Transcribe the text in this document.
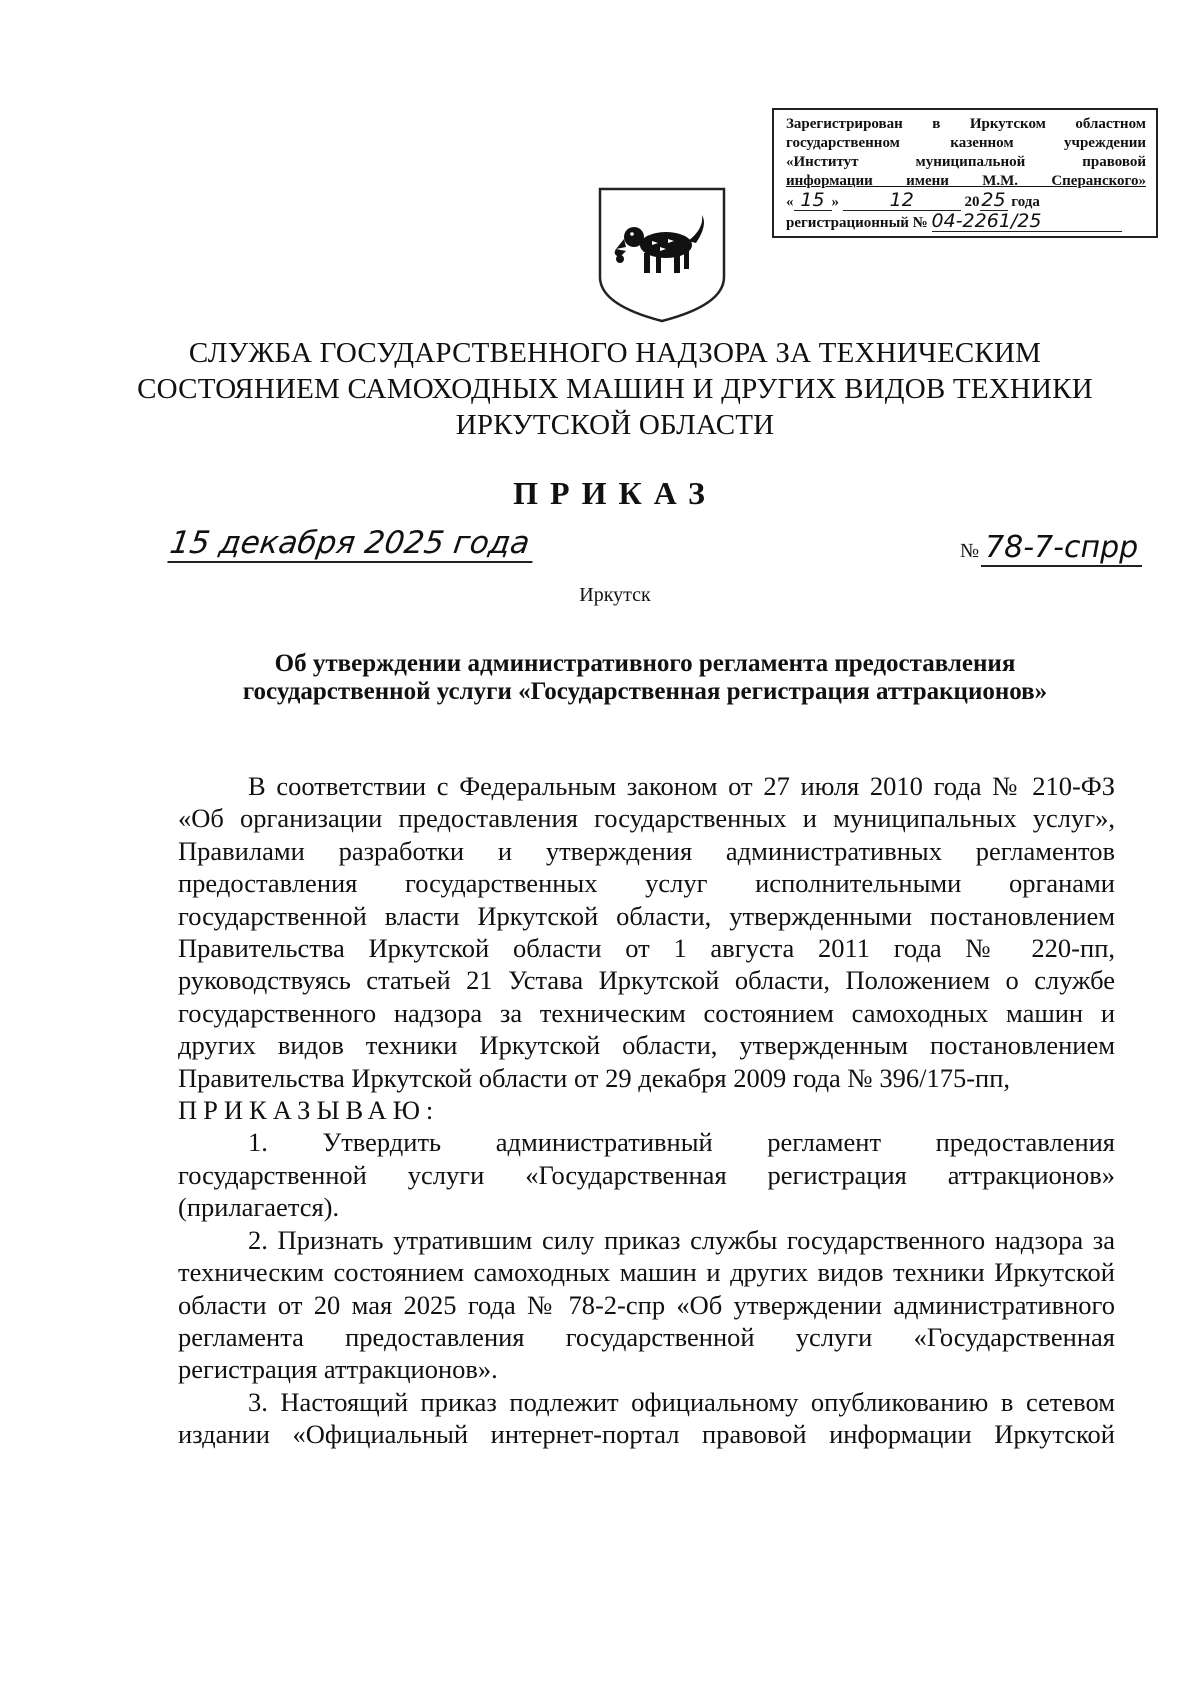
Зарегистрирован в Иркутском областном
государственном казенном учреждении
«Институт муниципальной правовой
информации имени М.М. Сперанского»
« 15 » 12	20 25 года
регистрационный № 04-2261/25
СЛУЖБА ГОСУДАРСТВЕННОГО НАДЗОРА ЗА ТЕХНИЧЕСКИМ
СОСТОЯНИЕМ САМОХОДНЫХ МАШИН И ДРУГИХ ВИДОВ ТЕХНИКИ
ИРКУТСКОЙ ОБЛАСТИ
ПРИКАЗ
15 декабря 2025 года	№ 78-7-спрр
Иркутск
Об утверждении административного регламента предоставления
государственной услуги «Государственная регистрация аттракционов»

В соответствии с Федеральным законом от 27 июля 2010 года № 210-ФЗ «Об организации предоставления государственных и муниципальных услуг», Правилами разработки и утверждения административных регламентов предоставления государственных услуг исполнительными органами государственной власти Иркутской области, утвержденными постановлением Правительства Иркутской области от 1 августа 2011 года № 220-пп, руководствуясь статьей 21 Устава Иркутской области, Положением о службе государственного надзора за техническим состоянием самоходных машин и других видов техники Иркутской области, утвержденным постановлением Правительства Иркутской области от 29 декабря 2009 года № 396/175-пп,

ПРИКАЗЫВАЮ:

1. Утвердить административный регламент предоставления государственной услуги «Государственная регистрация аттракционов» (прилагается).

2. Признать утратившим силу приказ службы государственного надзора за техническим состоянием самоходных машин и других видов техники Иркутской области от 20 мая 2025 года № 78-2-спр «Об утверждении административного регламента предоставления государственной услуги «Государственная регистрация аттракционов».

3. Настоящий приказ подлежит официальному опубликованию в сетевом издании «Официальный интернет-портал правовой информации Иркутской
